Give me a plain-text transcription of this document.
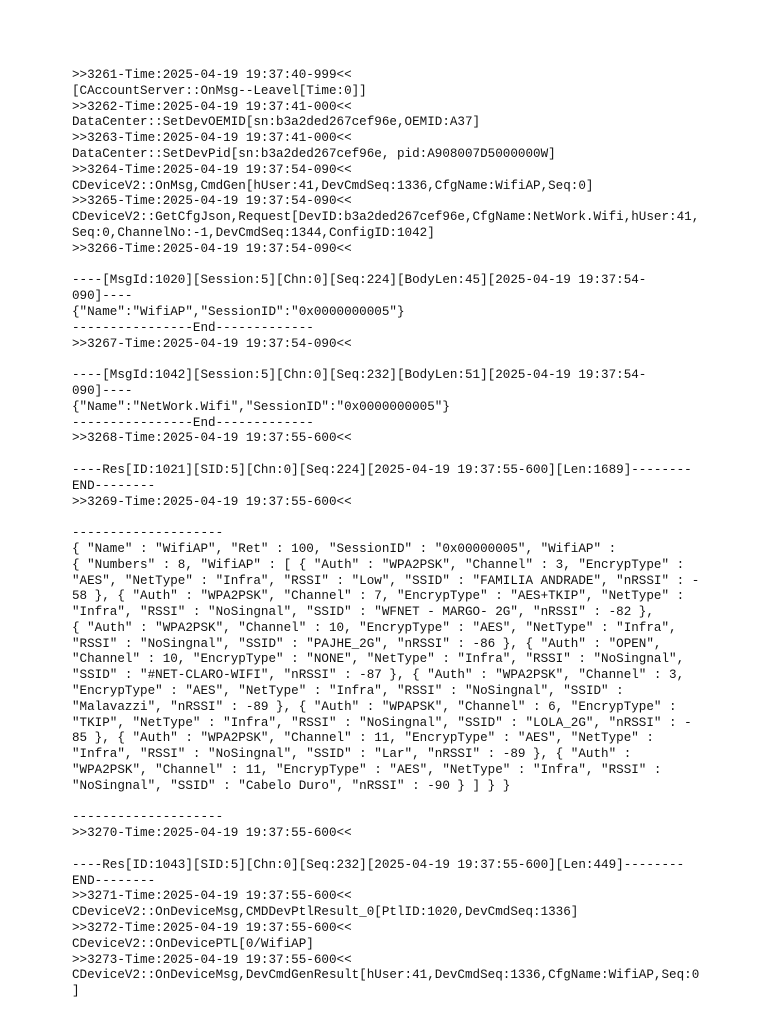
>>3261-Time:2025-04-19 19:37:40-999<<
[CAccountServer::OnMsg--Leavel[Time:0]]
>>3262-Time:2025-04-19 19:37:41-000<<
DataCenter::SetDevOEMID[sn:b3a2ded267cef96e,OEMID:A37]
>>3263-Time:2025-04-19 19:37:41-000<<
DataCenter::SetDevPid[sn:b3a2ded267cef96e, pid:A908007D5000000W]
>>3264-Time:2025-04-19 19:37:54-090<<
CDeviceV2::OnMsg,CmdGen[hUser:41,DevCmdSeq:1336,CfgName:WifiAP,Seq:0]
>>3265-Time:2025-04-19 19:37:54-090<<
CDeviceV2::GetCfgJson,Request[DevID:b3a2ded267cef96e,CfgName:NetWork.Wifi,hUser:41,
Seq:0,ChannelNo:-1,DevCmdSeq:1344,ConfigID:1042]
>>3266-Time:2025-04-19 19:37:54-090<<
----[MsgId:1020][Session:5][Chn:0][Seq:224][BodyLen:45][2025-04-19 19:37:54-
090]----
{"Name":"WifiAP","SessionID":"0x0000000005"}
----------------End-------------
>>3267-Time:2025-04-19 19:37:54-090<<
----[MsgId:1042][Session:5][Chn:0][Seq:232][BodyLen:51][2025-04-19 19:37:54-
090]----
{"Name":"NetWork.Wifi","SessionID":"0x0000000005"}
----------------End-------------
>>3268-Time:2025-04-19 19:37:55-600<<
----Res[ID:1021][SID:5][Chn:0][Seq:224][2025-04-19 19:37:55-600][Len:1689]--------
END--------
>>3269-Time:2025-04-19 19:37:55-600<<
--------------------
{ "Name" : "WifiAP", "Ret" : 100, "SessionID" : "0x00000005", "WifiAP" :
{ "Numbers" : 8, "WifiAP" : [ { "Auth" : "WPA2PSK", "Channel" : 3, "EncrypType" :
"AES", "NetType" : "Infra", "RSSI" : "Low", "SSID" : "FAMILIA ANDRADE", "nRSSI" : -
58 }, { "Auth" : "WPA2PSK", "Channel" : 7, "EncrypType" : "AES+TKIP", "NetType" :
"Infra", "RSSI" : "NoSingnal", "SSID" : "WFNET - MARGO- 2G", "nRSSI" : -82 },
{ "Auth" : "WPA2PSK", "Channel" : 10, "EncrypType" : "AES", "NetType" : "Infra",
"RSSI" : "NoSingnal", "SSID" : "PAJHE_2G", "nRSSI" : -86 }, { "Auth" : "OPEN",
"Channel" : 10, "EncrypType" : "NONE", "NetType" : "Infra", "RSSI" : "NoSingnal",
"SSID" : "#NET-CLARO-WIFI", "nRSSI" : -87 }, { "Auth" : "WPA2PSK", "Channel" : 3,
"EncrypType" : "AES", "NetType" : "Infra", "RSSI" : "NoSingnal", "SSID" :
"Malavazzi", "nRSSI" : -89 }, { "Auth" : "WPAPSK", "Channel" : 6, "EncrypType" :
"TKIP", "NetType" : "Infra", "RSSI" : "NoSingnal", "SSID" : "LOLA_2G", "nRSSI" : -
85 }, { "Auth" : "WPA2PSK", "Channel" : 11, "EncrypType" : "AES", "NetType" :
"Infra", "RSSI" : "NoSingnal", "SSID" : "Lar", "nRSSI" : -89 }, { "Auth" :
"WPA2PSK", "Channel" : 11, "EncrypType" : "AES", "NetType" : "Infra", "RSSI" :
"NoSingnal", "SSID" : "Cabelo Duro", "nRSSI" : -90 } ] } }
--------------------
>>3270-Time:2025-04-19 19:37:55-600<<
----Res[ID:1043][SID:5][Chn:0][Seq:232][2025-04-19 19:37:55-600][Len:449]--------
END--------
>>3271-Time:2025-04-19 19:37:55-600<<
CDeviceV2::OnDeviceMsg,CMDDevPtlResult_0[PtlID:1020,DevCmdSeq:1336]
>>3272-Time:2025-04-19 19:37:55-600<<
CDeviceV2::OnDevicePTL[0/WifiAP]
>>3273-Time:2025-04-19 19:37:55-600<<
CDeviceV2::OnDeviceMsg,DevCmdGenResult[hUser:41,DevCmdSeq:1336,CfgName:WifiAP,Seq:0
]
